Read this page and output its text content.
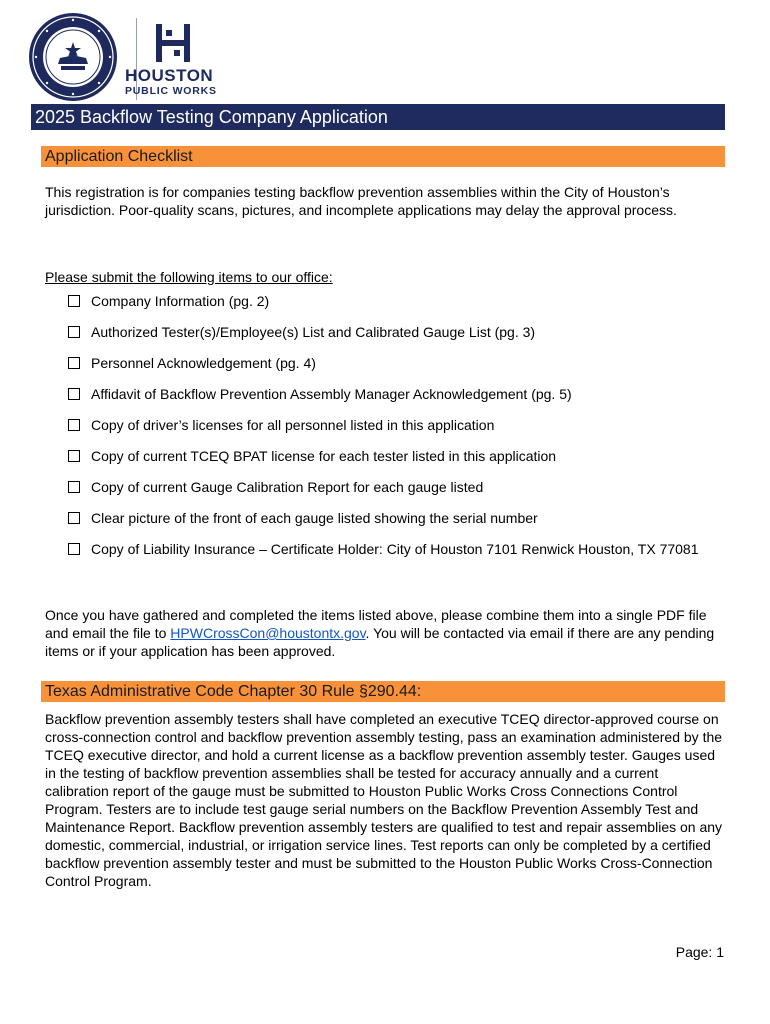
HOUSTON
PUBLIC WORKS
2025 Backflow Testing Company Application
Application Checklist
This registration is for companies testing backflow prevention assemblies within the City of Houston’s jurisdiction. Poor-quality scans, pictures, and incomplete applications may delay the approval process.
Please submit the following items to our office:
Company Information (pg. 2)
Authorized Tester(s)/Employee(s) List and Calibrated Gauge List (pg. 3)
Personnel Acknowledgement (pg. 4)
Affidavit of Backflow Prevention Assembly Manager Acknowledgement (pg. 5)
Copy of driver’s licenses for all personnel listed in this application
Copy of current TCEQ BPAT license for each tester listed in this application
Copy of current Gauge Calibration Report for each gauge listed
Clear picture of the front of each gauge listed showing the serial number
Copy of Liability Insurance – Certificate Holder: City of Houston 7101 Renwick Houston, TX 77081
Once you have gathered and completed the items listed above, please combine them into a single PDF file and email the file to HPWCrossCon@houstontx.gov. You will be contacted via email if there are any pending items or if your application has been approved.
Texas Administrative Code Chapter 30 Rule §290.44:
Backflow prevention assembly testers shall have completed an executive TCEQ director-approved course on cross-connection control and backflow prevention assembly testing, pass an examination administered by the TCEQ executive director, and hold a current license as a backflow prevention assembly tester. Gauges used in the testing of backflow prevention assemblies shall be tested for accuracy annually and a current calibration report of the gauge must be submitted to Houston Public Works Cross Connections Control Program. Testers are to include test gauge serial numbers on the Backflow Prevention Assembly Test and Maintenance Report. Backflow prevention assembly testers are qualified to test and repair assemblies on any domestic, commercial, industrial, or irrigation service lines. Test reports can only be completed by a certified backflow prevention assembly tester and must be submitted to the Houston Public Works Cross-Connection Control Program.
Page: 1
